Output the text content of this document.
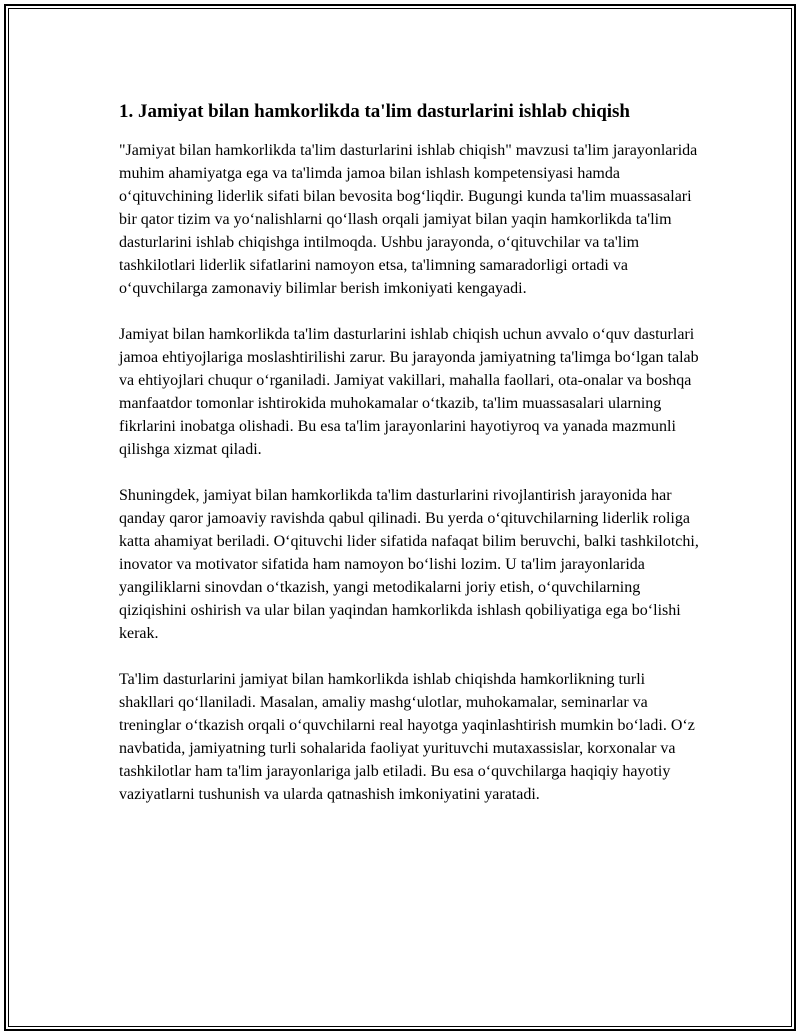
1. Jamiyat bilan hamkorlikda ta'lim dasturlarini ishlab chiqish

"Jamiyat bilan hamkorlikda ta'lim dasturlarini ishlab chiqish" mavzusi ta'lim jarayonlarida muhim ahamiyatga ega va ta'limda jamoa bilan ishlash kompetensiyasi hamda oʻqituvchining liderlik sifati bilan bevosita bogʻliqdir. Bugungi kunda ta'lim muassasalari bir qator tizim va yoʻnalishlarni qoʻllash orqali jamiyat bilan yaqin hamkorlikda ta'lim dasturlarini ishlab chiqishga intilmoqda. Ushbu jarayonda, oʻqituvchilar va ta'lim tashkilotlari liderlik sifatlarini namoyon etsa, ta'limning samaradorligi ortadi va oʻquvchilarga zamonaviy bilimlar berish imkoniyati kengayadi.

Jamiyat bilan hamkorlikda ta'lim dasturlarini ishlab chiqish uchun avvalo oʻquv dasturlari jamoa ehtiyojlariga moslashtirilishi zarur. Bu jarayonda jamiyatning ta'limga boʻlgan talab va ehtiyojlari chuqur oʻrganiladi. Jamiyat vakillari, mahalla faollari, ota-onalar va boshqa manfaatdor tomonlar ishtirokida muhokamalar oʻtkazib, ta'lim muassasalari ularning fikrlarini inobatga olishadi. Bu esa ta'lim jarayonlarini hayotiyroq va yanada mazmunli qilishga xizmat qiladi.

Shuningdek, jamiyat bilan hamkorlikda ta'lim dasturlarini rivojlantirish jarayonida har qanday qaror jamoaviy ravishda qabul qilinadi. Bu yerda oʻqituvchilarning liderlik roliga katta ahamiyat beriladi. Oʻqituvchi lider sifatida nafaqat bilim beruvchi, balki tashkilotchi, inovator va motivator sifatida ham namoyon boʻlishi lozim. U ta'lim jarayonlarida yangiliklarni sinovdan oʻtkazish, yangi metodikalarni joriy etish, oʻquvchilarning qiziqishini oshirish va ular bilan yaqindan hamkorlikda ishlash qobiliyatiga ega boʻlishi kerak.

Ta'lim dasturlarini jamiyat bilan hamkorlikda ishlab chiqishda hamkorlikning turli shakllari qoʻllaniladi. Masalan, amaliy mashgʻulotlar, muhokamalar, seminarlar va treninglar oʻtkazish orqali oʻquvchilarni real hayotga yaqinlashtirish mumkin boʻladi. Oʻz navbatida, jamiyatning turli sohalarida faoliyat yurituvchi mutaxassislar, korxonalar va tashkilotlar ham ta'lim jarayonlariga jalb etiladi. Bu esa oʻquvchilarga haqiqiy hayotiy vaziyatlarni tushunish va ularda qatnashish imkoniyatini yaratadi.
